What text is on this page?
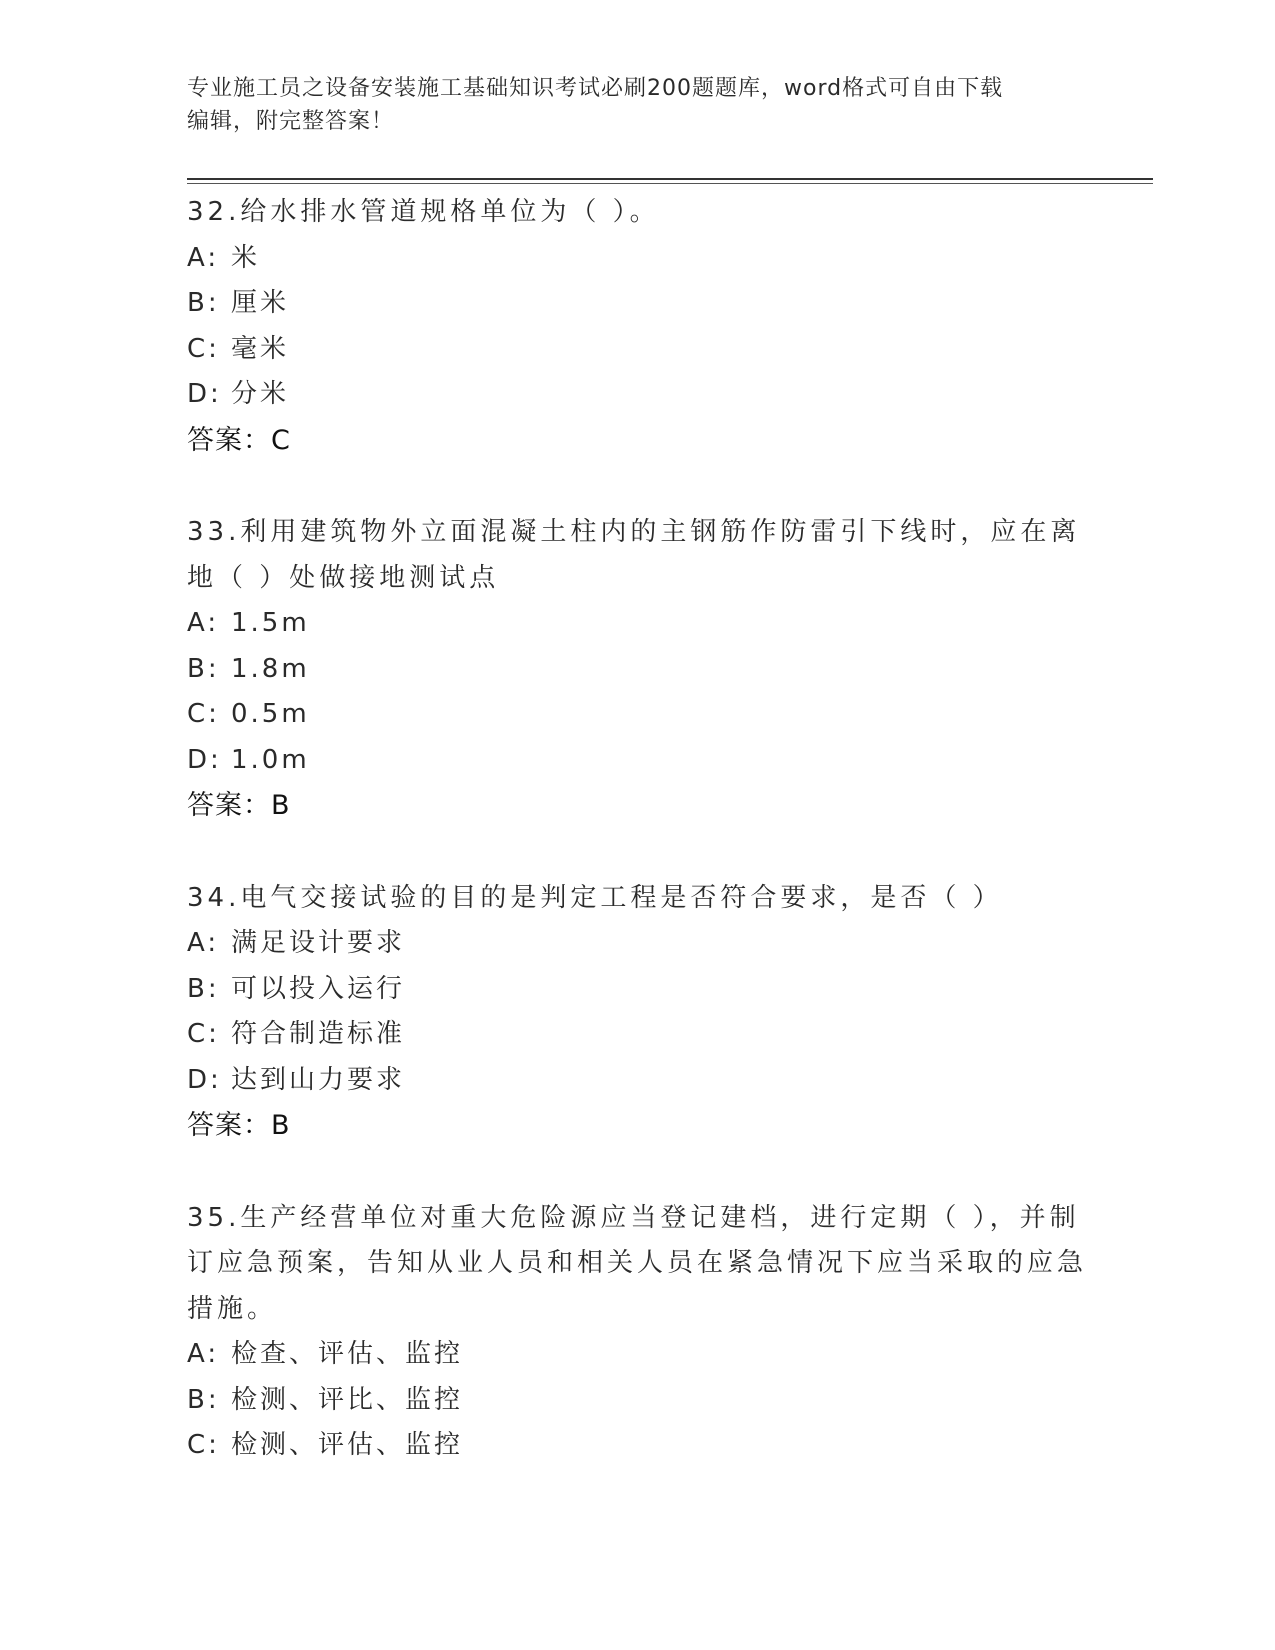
专业施工员之设备安装施工基础知识考试必刷200题题库，word格式可自由下载
编辑，附完整答案！
32.给水排水管道规格单位为（ ）。
A: 米
B: 厘米
C: 毫米
D: 分米
答案：C
33.利用建筑物外立面混凝土柱内的主钢筋作防雷引下线时，应在离地（ ）处做接地测试点
A: 1.5m
B: 1.8m
C: 0.5m
D: 1.0m
答案：B
34.电气交接试验的目的是判定工程是否符合要求，是否（ ）
A: 满足设计要求
B: 可以投入运行
C: 符合制造标准
D: 达到山力要求
答案：B
35.生产经营单位对重大危险源应当登记建档，进行定期（ ），并制订应急预案，告知从业人员和相关人员在紧急情况下应当采取的应急措施。
A: 检查、评估、监控
B: 检测、评比、监控
C: 检测、评估、监控
